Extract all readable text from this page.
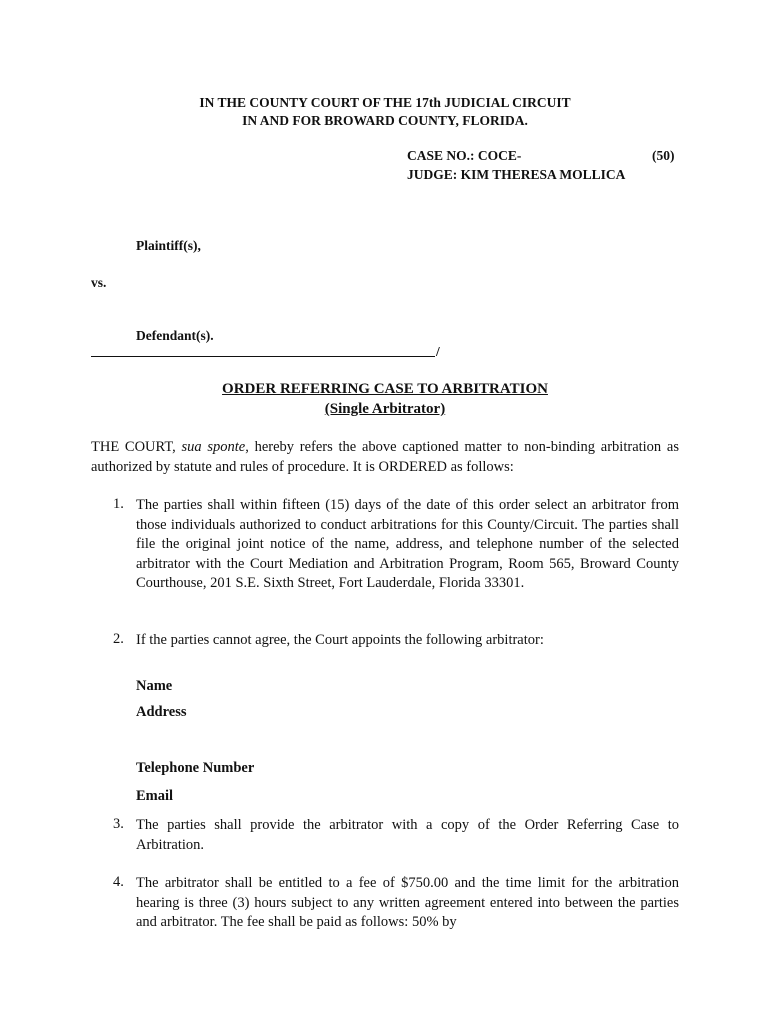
IN THE COUNTY COURT OF THE 17th JUDICIAL CIRCUIT
IN AND FOR BROWARD COUNTY, FLORIDA.
CASE NO.: COCE-	(50)
JUDGE: KIM THERESA MOLLICA
Plaintiff(s),
vs.
Defendant(s).
/
ORDER REFERRING CASE TO ARBITRATION
(Single Arbitrator)
THE COURT, sua sponte, hereby refers the above captioned matter to non-binding arbitration as authorized by statute and rules of procedure. It is ORDERED as follows:
1. The parties shall within fifteen (15) days of the date of this order select an arbitrator from those individuals authorized to conduct arbitrations for this County/Circuit. The parties shall file the original joint notice of the name, address, and telephone number of the selected arbitrator with the Court Mediation and Arbitration Program, Room 565, Broward County Courthouse, 201 S.E. Sixth Street, Fort Lauderdale, Florida 33301.
2. If the parties cannot agree, the Court appoints the following arbitrator:
Name
Address
Telephone Number
Email
3. The parties shall provide the arbitrator with a copy of the Order Referring Case to Arbitration.
4. The arbitrator shall be entitled to a fee of $750.00 and the time limit for the arbitration hearing is three (3) hours subject to any written agreement entered into between the parties and arbitrator. The fee shall be paid as follows: 50% by
